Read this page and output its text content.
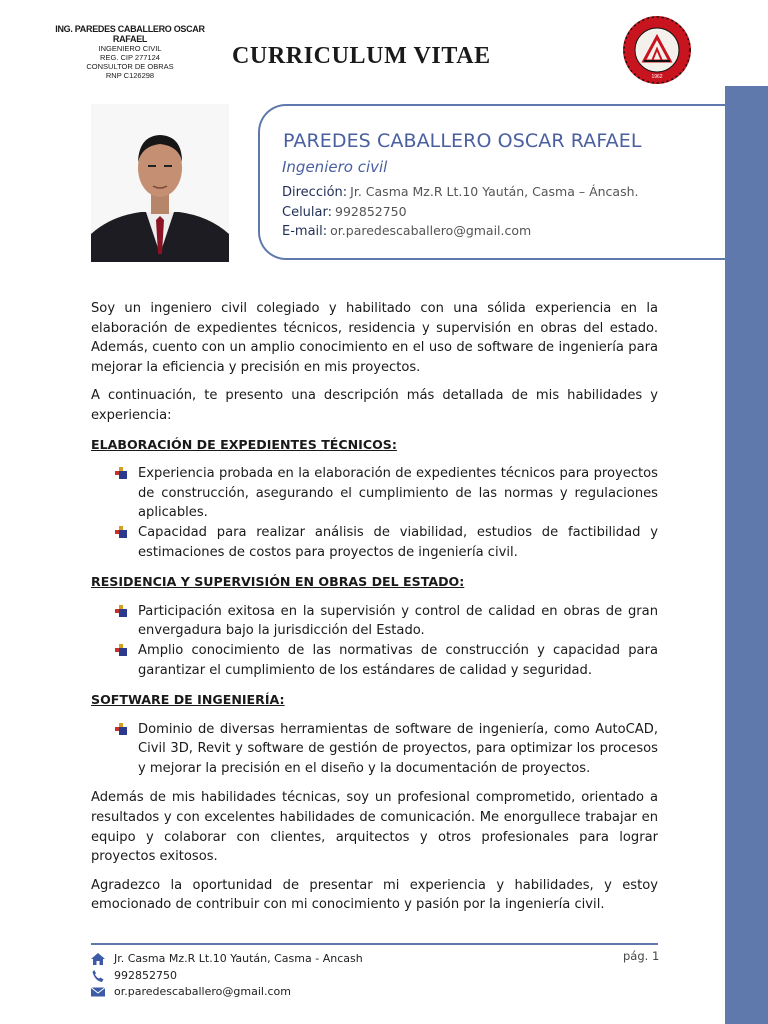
ING. PAREDES CABALLERO OSCAR RAFAEL
INGENIERO CIVIL
REG. CIP 277124
CONSULTOR DE OBRAS
RNP C126298
CURRICULUM VITAE
1962
PAREDES CABALLERO OSCAR RAFAEL
Ingeniero civil
Dirección: Jr. Casma Mz.R Lt.10 Yaután, Casma – Áncash.
Celular: 992852750
E-mail: or.paredescaballero@gmail.com

Soy un ingeniero civil colegiado y habilitado con una sólida experiencia en la elaboración de expedientes técnicos, residencia y supervisión en obras del estado. Además, cuento con un amplio conocimiento en el uso de software de ingeniería para mejorar la eficiencia y precisión en mis proyectos.

A continuación, te presento una descripción más detallada de mis habilidades y experiencia:

ELABORACIÓN DE EXPEDIENTES TÉCNICOS:
Experiencia probada en la elaboración de expedientes técnicos para proyectos de construcción, asegurando el cumplimiento de las normas y regulaciones aplicables.
Capacidad para realizar análisis de viabilidad, estudios de factibilidad y estimaciones de costos para proyectos de ingeniería civil.
RESIDENCIA Y SUPERVISIÓN EN OBRAS DEL ESTADO:
Participación exitosa en la supervisión y control de calidad en obras de gran envergadura bajo la jurisdicción del Estado.
Amplio conocimiento de las normativas de construcción y capacidad para garantizar el cumplimiento de los estándares de calidad y seguridad.
SOFTWARE DE INGENIERÍA:
Dominio de diversas herramientas de software de ingeniería, como AutoCAD, Civil 3D, Revit y software de gestión de proyectos, para optimizar los procesos y mejorar la precisión en el diseño y la documentación de proyectos.

Además de mis habilidades técnicas, soy un profesional comprometido, orientado a resultados y con excelentes habilidades de comunicación. Me enorgullece trabajar en equipo y colaborar con clientes, arquitectos y otros profesionales para lograr proyectos exitosos.

Agradezco la oportunidad de presentar mi experiencia y habilidades, y estoy emocionado de contribuir con mi conocimiento y pasión por la ingeniería civil.

pág. 1
Jr. Casma Mz.R Lt.10 Yaután, Casma - Ancash
992852750
or.paredescaballero@gmail.com
